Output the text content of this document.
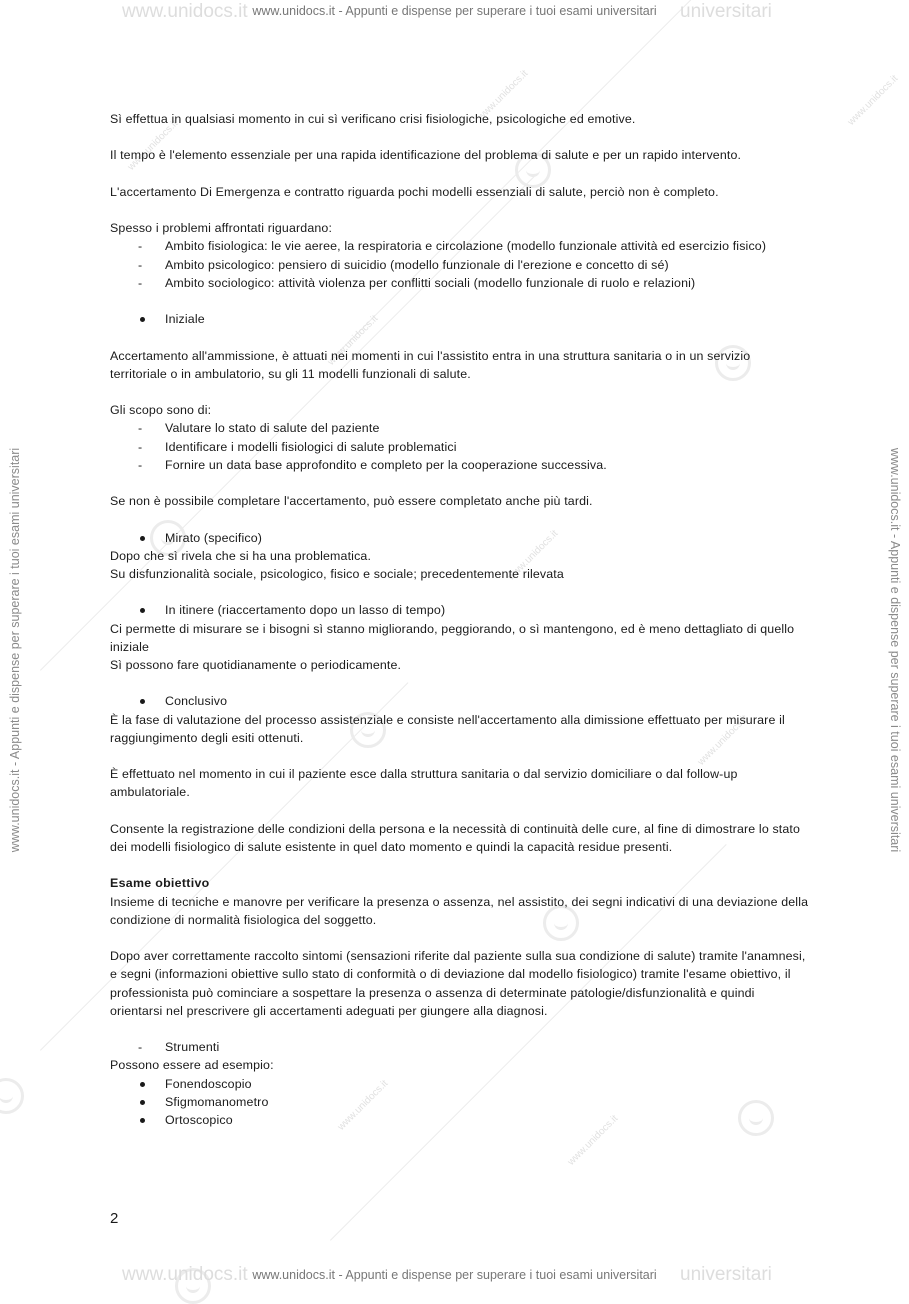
www.unidocs.it
www.unidocs.it
www.unidocs.it
www.unidocs.it
www.unidocs.it
www.unidocs.it
www.unidocs.it
www.unidocs.it
www.unidocs.it	universitari
www.unidocs.it - Appunti e dispense per superare i tuoi esami universitari
www.unidocs.it	universitari
www.unidocs.it - Appunti e dispense per superare i tuoi esami universitari
www.unidocs.it - Appunti e dispense per superare i tuoi esami universitari	www.unidocs.it - Appunti e dispense per superare i tuoi esami universitari

Sì effettua in qualsiasi momento in cui sì verificano crisi fisiologiche, psicologiche ed emotive.

Il tempo è l'elemento essenziale per una rapida identificazione del problema di salute e per un rapido intervento.

L'accertamento Di Emergenza e contratto riguarda pochi modelli essenziali di salute, perciò non è completo.

Spesso i problemi affrontati riguardano:

- Ambito fisiologica: le vie aeree, la respiratoria e circolazione (modello funzionale attività ed esercizio fisico)
- Ambito psicologico: pensiero di suicidio (modello funzionale di l'erezione e concetto di sé)
- Ambito sociologico: attività violenza per conflitti sociali (modello funzionale di ruolo e relazioni)
Iniziale

Accertamento all'ammissione, è attuati nei momenti in cui l'assistito entra in una struttura sanitaria o in un servizio territoriale o in ambulatorio, su gli 11 modelli funzionali di salute.

Gli scopo sono di:

- Valutare lo stato di salute del paziente
- Identificare i modelli fisiologici di salute problematici
- Fornire un data base approfondito e completo per la cooperazione successiva.

Se non è possibile completare l'accertamento, può essere completato anche più tardi.

Mirato (specifico)

Dopo che sì rivela che si ha una problematica.

Su disfunzionalità sociale, psicologico, fisico e sociale; precedentemente rilevata

In itinere (riaccertamento dopo un lasso di tempo)

Ci permette di misurare se i bisogni sì stanno migliorando, peggiorando, o sì mantengono, ed è meno dettagliato di quello iniziale

Sì possono fare quotidianamente o periodicamente.

Conclusivo

È la fase di valutazione del processo assistenziale e consiste nell'accertamento alla dimissione effettuato per misurare il raggiungimento degli esiti ottenuti.

È effettuato nel momento in cui il paziente esce dalla struttura sanitaria o dal servizio domiciliare o dal follow-up ambulatoriale.

Consente la registrazione delle condizioni della persona e la necessità di continuità delle cure, al fine di dimostrare lo stato dei modelli fisiologico di salute esistente in quel dato momento e quindi la capacità residue presenti.

Esame obiettivo

Insieme di tecniche e manovre per verificare la presenza o assenza, nel assistito, dei segni indicativi di una deviazione della condizione di normalità fisiologica del soggetto.

Dopo aver correttamente raccolto sintomi (sensazioni riferite dal paziente sulla sua condizione di salute) tramite l'anamnesi, e segni (informazioni obiettive sullo stato di conformità o di deviazione dal modello fisiologico) tramite l'esame obiettivo, il professionista può cominciare a sospettare la presenza o assenza di determinate patologie/disfunzionalità e quindi orientarsi nel prescrivere gli accertamenti adeguati per giungere alla diagnosi.

- Strumenti

Possono essere ad esempio:

Fonendoscopio
Sfigmomanometro
Ortoscopico
2
